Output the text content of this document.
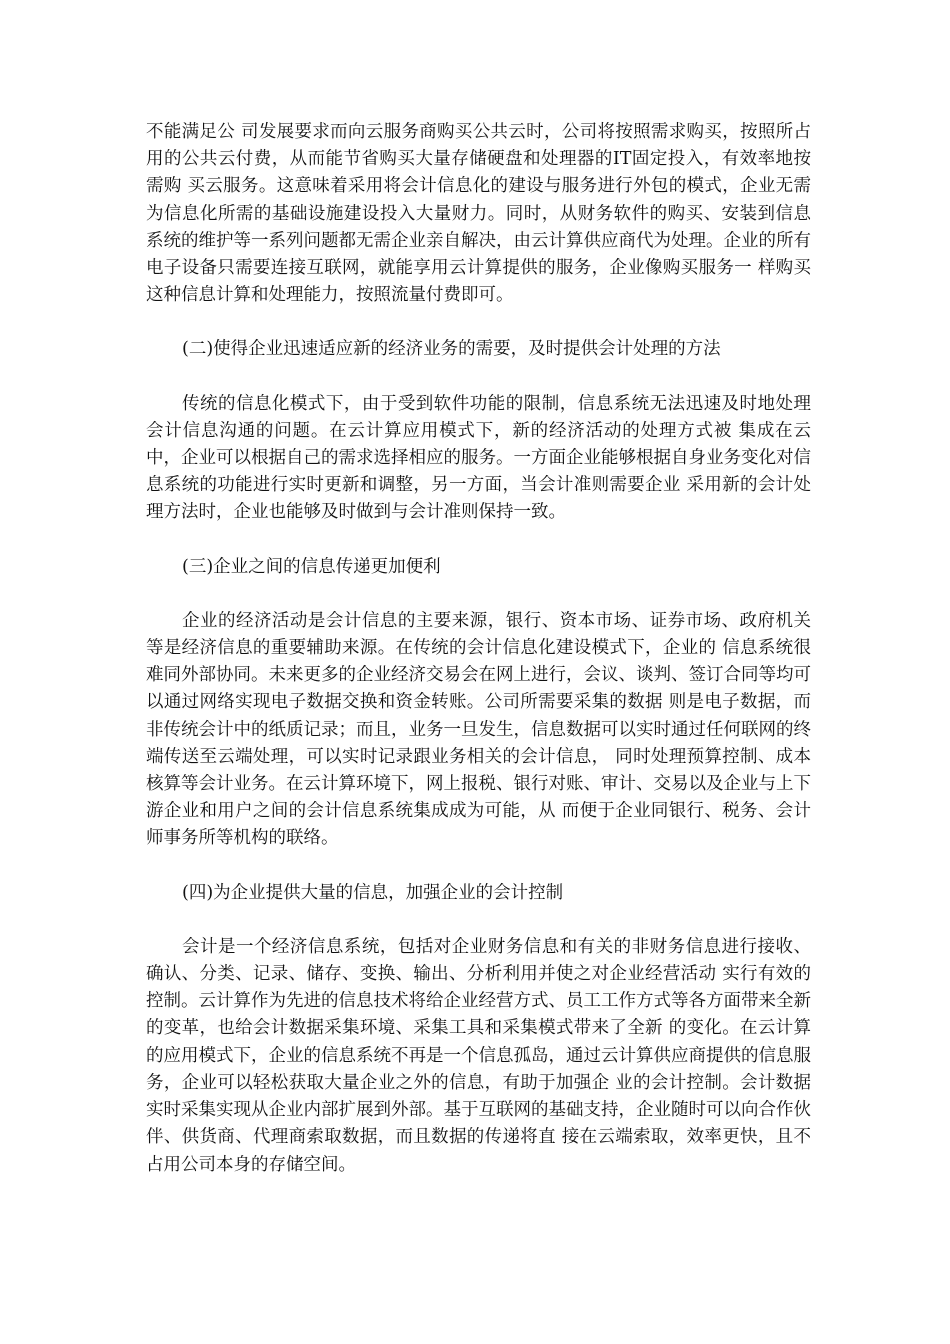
不能满足公 司发展要求而向云服务商购买公共云时，公司将按照需求购买，按照所占用的公共云付费，从而能节省购买大量存储硬盘和处理器的IT固定投入，有效率地按需购 买云服务。这意味着采用将会计信息化的建设与服务进行外包的模式，企业无需为信息化所需的基础设施建设投入大量财力。同时，从财务软件的购买、安装到信息 系统的维护等一系列问题都无需企业亲自解决，由云计算供应商代为处理。企业的所有电子设备只需要连接互联网，就能享用云计算提供的服务，企业像购买服务一 样购买这种信息计算和处理能力，按照流量付费即可。

(二)使得企业迅速适应新的经济业务的需要，及时提供会计处理的方法

传统的信息化模式下，由于受到软件功能的限制，信息系统无法迅速及时地处理会计信息沟通的问题。在云计算应用模式下，新的经济活动的处理方式被 集成在云中，企业可以根据自己的需求选择相应的服务。一方面企业能够根据自身业务变化对信息系统的功能进行实时更新和调整，另一方面，当会计准则需要企业 采用新的会计处理方法时，企业也能够及时做到与会计准则保持一致。

(三)企业之间的信息传递更加便利

企业的经济活动是会计信息的主要来源，银行、资本市场、证券市场、政府机关等是经济信息的重要辅助来源。在传统的会计信息化建设模式下，企业的 信息系统很难同外部协同。未来更多的企业经济交易会在网上进行，会议、谈判、签订合同等均可以通过网络实现电子数据交换和资金转账。公司所需要采集的数据 则是电子数据，而非传统会计中的纸质记录；而且，业务一旦发生，信息数据可以实时通过任何联网的终端传送至云端处理，可以实时记录跟业务相关的会计信息， 同时处理预算控制、成本核算等会计业务。在云计算环境下，网上报税、银行对账、审计、交易以及企业与上下游企业和用户之间的会计信息系统集成成为可能，从 而便于企业同银行、税务、会计师事务所等机构的联络。

(四)为企业提供大量的信息，加强企业的会计控制

会计是一个经济信息系统，包括对企业财务信息和有关的非财务信息进行接收、确认、分类、记录、储存、变换、输出、分析利用并使之对企业经营活动 实行有效的控制。云计算作为先进的信息技术将给企业经营方式、员工工作方式等各方面带来全新的变革，也给会计数据采集环境、采集工具和采集模式带来了全新 的变化。在云计算的应用模式下，企业的信息系统不再是一个信息孤岛，通过云计算供应商提供的信息服务，企业可以轻松获取大量企业之外的信息，有助于加强企 业的会计控制。会计数据实时采集实现从企业内部扩展到外部。基于互联网的基础支持，企业随时可以向合作伙伴、供货商、代理商索取数据，而且数据的传递将直 接在云端索取，效率更快，且不占用公司本身的存储空间。
